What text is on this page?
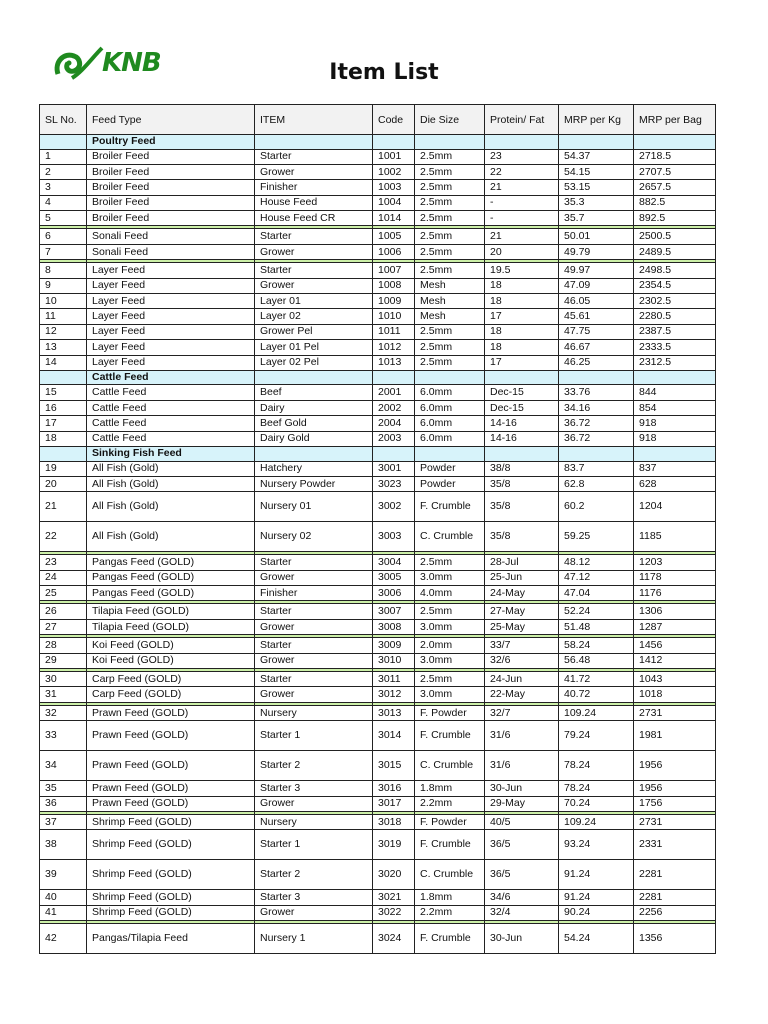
KNB	Item List
SL No.	Feed Type	ITEM	Code	Die Size	Protein/ Fat	MRP per Kg	MRP per Bag
	Poultry Feed						
1	Broiler Feed	Starter	1001	2.5mm	23	54.37	2718.5
2	Broiler Feed	Grower	1002	2.5mm	22	54.15	2707.5
3	Broiler Feed	Finisher	1003	2.5mm	21	53.15	2657.5
4	Broiler Feed	House Feed	1004	2.5mm	-	35.3	882.5
5	Broiler Feed	House Feed CR	1014	2.5mm	-	35.7	892.5

6	Sonali Feed	Starter	1005	2.5mm	21	50.01	2500.5
7	Sonali Feed	Grower	1006	2.5mm	20	49.79	2489.5

8	Layer Feed	Starter	1007	2.5mm	19.5	49.97	2498.5
9	Layer Feed	Grower	1008	Mesh	18	47.09	2354.5
10	Layer Feed	Layer 01	1009	Mesh	18	46.05	2302.5
11	Layer Feed	Layer 02	1010	Mesh	17	45.61	2280.5
12	Layer Feed	Grower Pel	1011	2.5mm	18	47.75	2387.5
13	Layer Feed	Layer 01 Pel	1012	2.5mm	18	46.67	2333.5
14	Layer Feed	Layer 02 Pel	1013	2.5mm	17	46.25	2312.5
	Cattle Feed						
15	Cattle Feed	Beef	2001	6.0mm	Dec-15	33.76	844
16	Cattle Feed	Dairy	2002	6.0mm	Dec-15	34.16	854
17	Cattle Feed	Beef Gold	2004	6.0mm	14-16	36.72	918
18	Cattle Feed	Dairy Gold	2003	6.0mm	14-16	36.72	918
	Sinking Fish Feed						
19	All Fish (Gold)	Hatchery	3001	Powder	38/8	83.7	837
20	All Fish (Gold)	Nursery Powder	3023	Powder	35/8	62.8	628
21	All Fish (Gold)	Nursery 01	3002	F. Crumble	35/8	60.2	1204
22	All Fish (Gold)	Nursery 02	3003	C. Crumble	35/8	59.25	1185

23	Pangas Feed (GOLD)	Starter	3004	2.5mm	28-Jul	48.12	1203
24	Pangas Feed (GOLD)	Grower	3005	3.0mm	25-Jun	47.12	1178
25	Pangas Feed (GOLD)	Finisher	3006	4.0mm	24-May	47.04	1176

26	Tilapia Feed (GOLD)	Starter	3007	2.5mm	27-May	52.24	1306
27	Tilapia Feed (GOLD)	Grower	3008	3.0mm	25-May	51.48	1287

28	Koi Feed (GOLD)	Starter	3009	2.0mm	33/7	58.24	1456
29	Koi Feed (GOLD)	Grower	3010	3.0mm	32/6	56.48	1412

30	Carp Feed (GOLD)	Starter	3011	2.5mm	24-Jun	41.72	1043
31	Carp Feed (GOLD)	Grower	3012	3.0mm	22-May	40.72	1018

32	Prawn Feed (GOLD)	Nursery	3013	F. Powder	32/7	109.24	2731
33	Prawn Feed (GOLD)	Starter 1	3014	F. Crumble	31/6	79.24	1981
34	Prawn Feed (GOLD)	Starter 2	3015	C. Crumble	31/6	78.24	1956
35	Prawn Feed (GOLD)	Starter 3	3016	1.8mm	30-Jun	78.24	1956
36	Prawn Feed (GOLD)	Grower	3017	2.2mm	29-May	70.24	1756

37	Shrimp Feed (GOLD)	Nursery	3018	F. Powder	40/5	109.24	2731
38	Shrimp Feed (GOLD)	Starter 1	3019	F. Crumble	36/5	93.24	2331
39	Shrimp Feed (GOLD)	Starter 2	3020	C. Crumble	36/5	91.24	2281
40	Shrimp Feed (GOLD)	Starter 3	3021	1.8mm	34/6	91.24	2281
41	Shrimp Feed (GOLD)	Grower	3022	2.2mm	32/4	90.24	2256

42	Pangas/Tilapia Feed	Nursery 1	3024	F. Crumble	30-Jun	54.24	1356
